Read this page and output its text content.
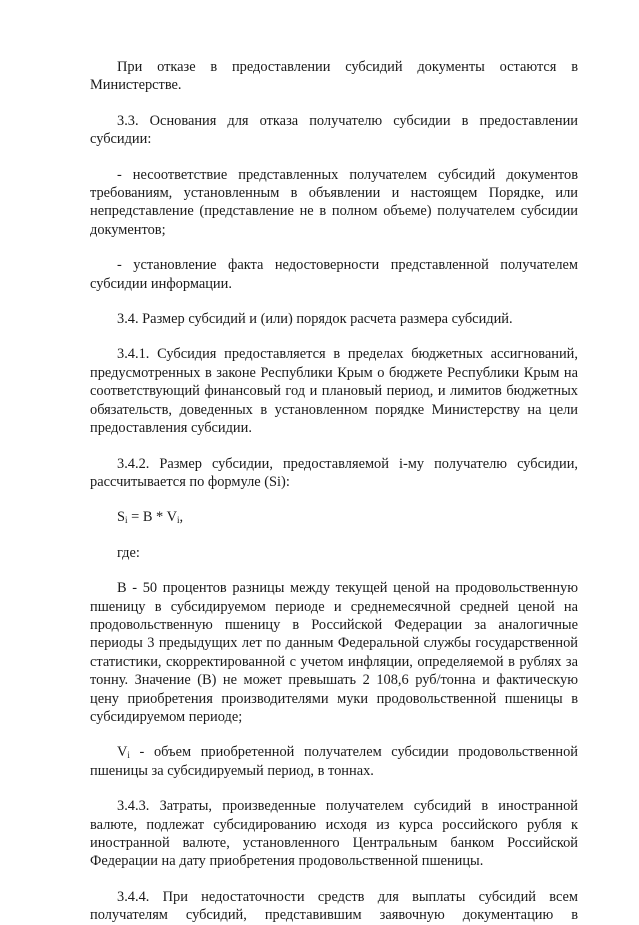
При отказе в предоставлении субсидий документы остаются в Министерстве.

3.3. Основания для отказа получателю субсидии в предоставлении субсидии:

- несоответствие представленных получателем субсидий документов требованиям, установленным в объявлении и настоящем Порядке, или непредставление (представление не в полном объеме) получателем субсидии документов;

- установление факта недостоверности представленной получателем субсидии информации.

3.4. Размер субсидий и (или) порядок расчета размера субсидий.

3.4.1. Субсидия предоставляется в пределах бюджетных ассигнований, предусмотренных в законе Республики Крым о бюджете Республики Крым на соответствующий финансовый год и плановый период, и лимитов бюджетных обязательств, доведенных в установленном порядке Министерству на цели предоставления субсидии.

3.4.2. Размер субсидии, предоставляемой i-му получателю субсидии, рассчитывается по формуле (Si):

$S_i = B * V_i$,

где:

В - 50 процентов разницы между текущей ценой на продовольственную пшеницу в субсидируемом периоде и среднемесячной средней ценой на продовольственную пшеницу в Российской Федерации за аналогичные периоды 3 предыдущих лет по данным Федеральной службы государственной статистики, скорректированной с учетом инфляции, определяемой в рублях за тонну. Значение (В) не может превышать 2 108,6 руб/тонна и фактическую цену приобретения производителями муки продовольственной пшеницы в субсидируемом периоде;

$V_i$ - объем приобретенной получателем субсидии продовольственной пшеницы за субсидируемый период, в тоннах.

3.4.3. Затраты, произведенные получателем субсидий в иностранной валюте, подлежат субсидированию исходя из курса российского рубля к иностранной валюте, установленного Центральным банком Российской Федерации на дату приобретения продовольственной пшеницы.

3.4.4. При недостаточности средств для выплаты субсидий всем получателям субсидий, представившим заявочную документацию в
